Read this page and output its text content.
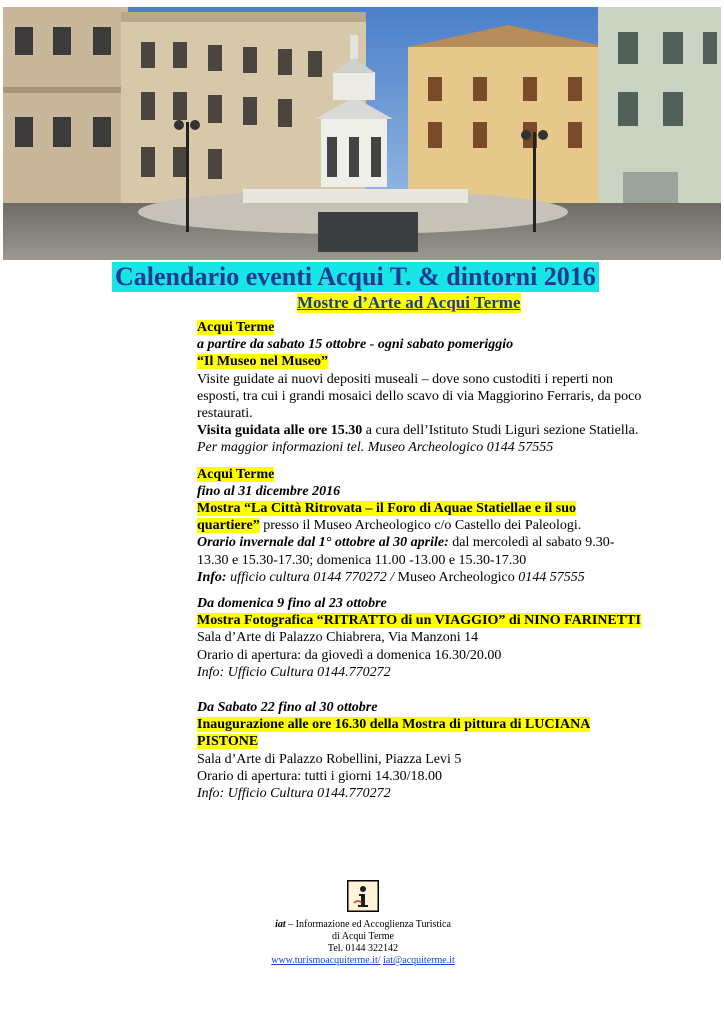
Calendario eventi Acqui T. & dintorni 2016
Mostre d’Arte ad Acqui Terme
Acqui Terme
a partire da sabato 15 ottobre - ogni sabato pomeriggio
“Il Museo nel Museo”
Visite guidate ai nuovi depositi museali – dove sono custoditi i reperti non esposti, tra cui i grandi mosaici dello scavo di via Maggiorino Ferraris, da poco restaurati.
Visita guidata alle ore 15.30 a cura dell’Istituto Studi Liguri sezione Statiella.  Per maggior informazioni tel. Museo Archeologico 0144 57555
Acqui Terme
fino al 31 dicembre 2016
Mostra “La Città Ritrovata – il Foro di Aquae Statiellae e il suo quartiere” presso il Museo Archeologico c/o Castello dei Paleologi.
Orario invernale dal 1° ottobre al 30 aprile: dal mercoledì al sabato 9.30-13.30 e 15.30-17.30; domenica 11.00 -13.00 e 15.30-17.30
Info: ufficio cultura 0144 770272 / Museo Archeologico 0144 57555
Da domenica 9 fino al 23 ottobre
Mostra Fotografica “RITRATTO di un VIAGGIO” di NINO FARINETTI
Sala d’Arte di Palazzo Chiabrera, Via Manzoni 14
Orario di apertura: da giovedì a domenica 16.30/20.00
Info: Ufficio Cultura 0144.770272
Da Sabato 22 fino al 30 ottobre
Inaugurazione alle ore 16.30 della Mostra di pittura di LUCIANA PISTONE
Sala d’Arte di Palazzo Robellini, Piazza Levi 5
Orario di apertura: tutti i giorni 14.30/18.00
Info: Ufficio Cultura 0144.770272
iat – Informazione ed Accoglienza Turistica
di Acqui Terme
Tel. 0144 322142
www.turismoacquiterme.it/ iat@acquiterme.it
